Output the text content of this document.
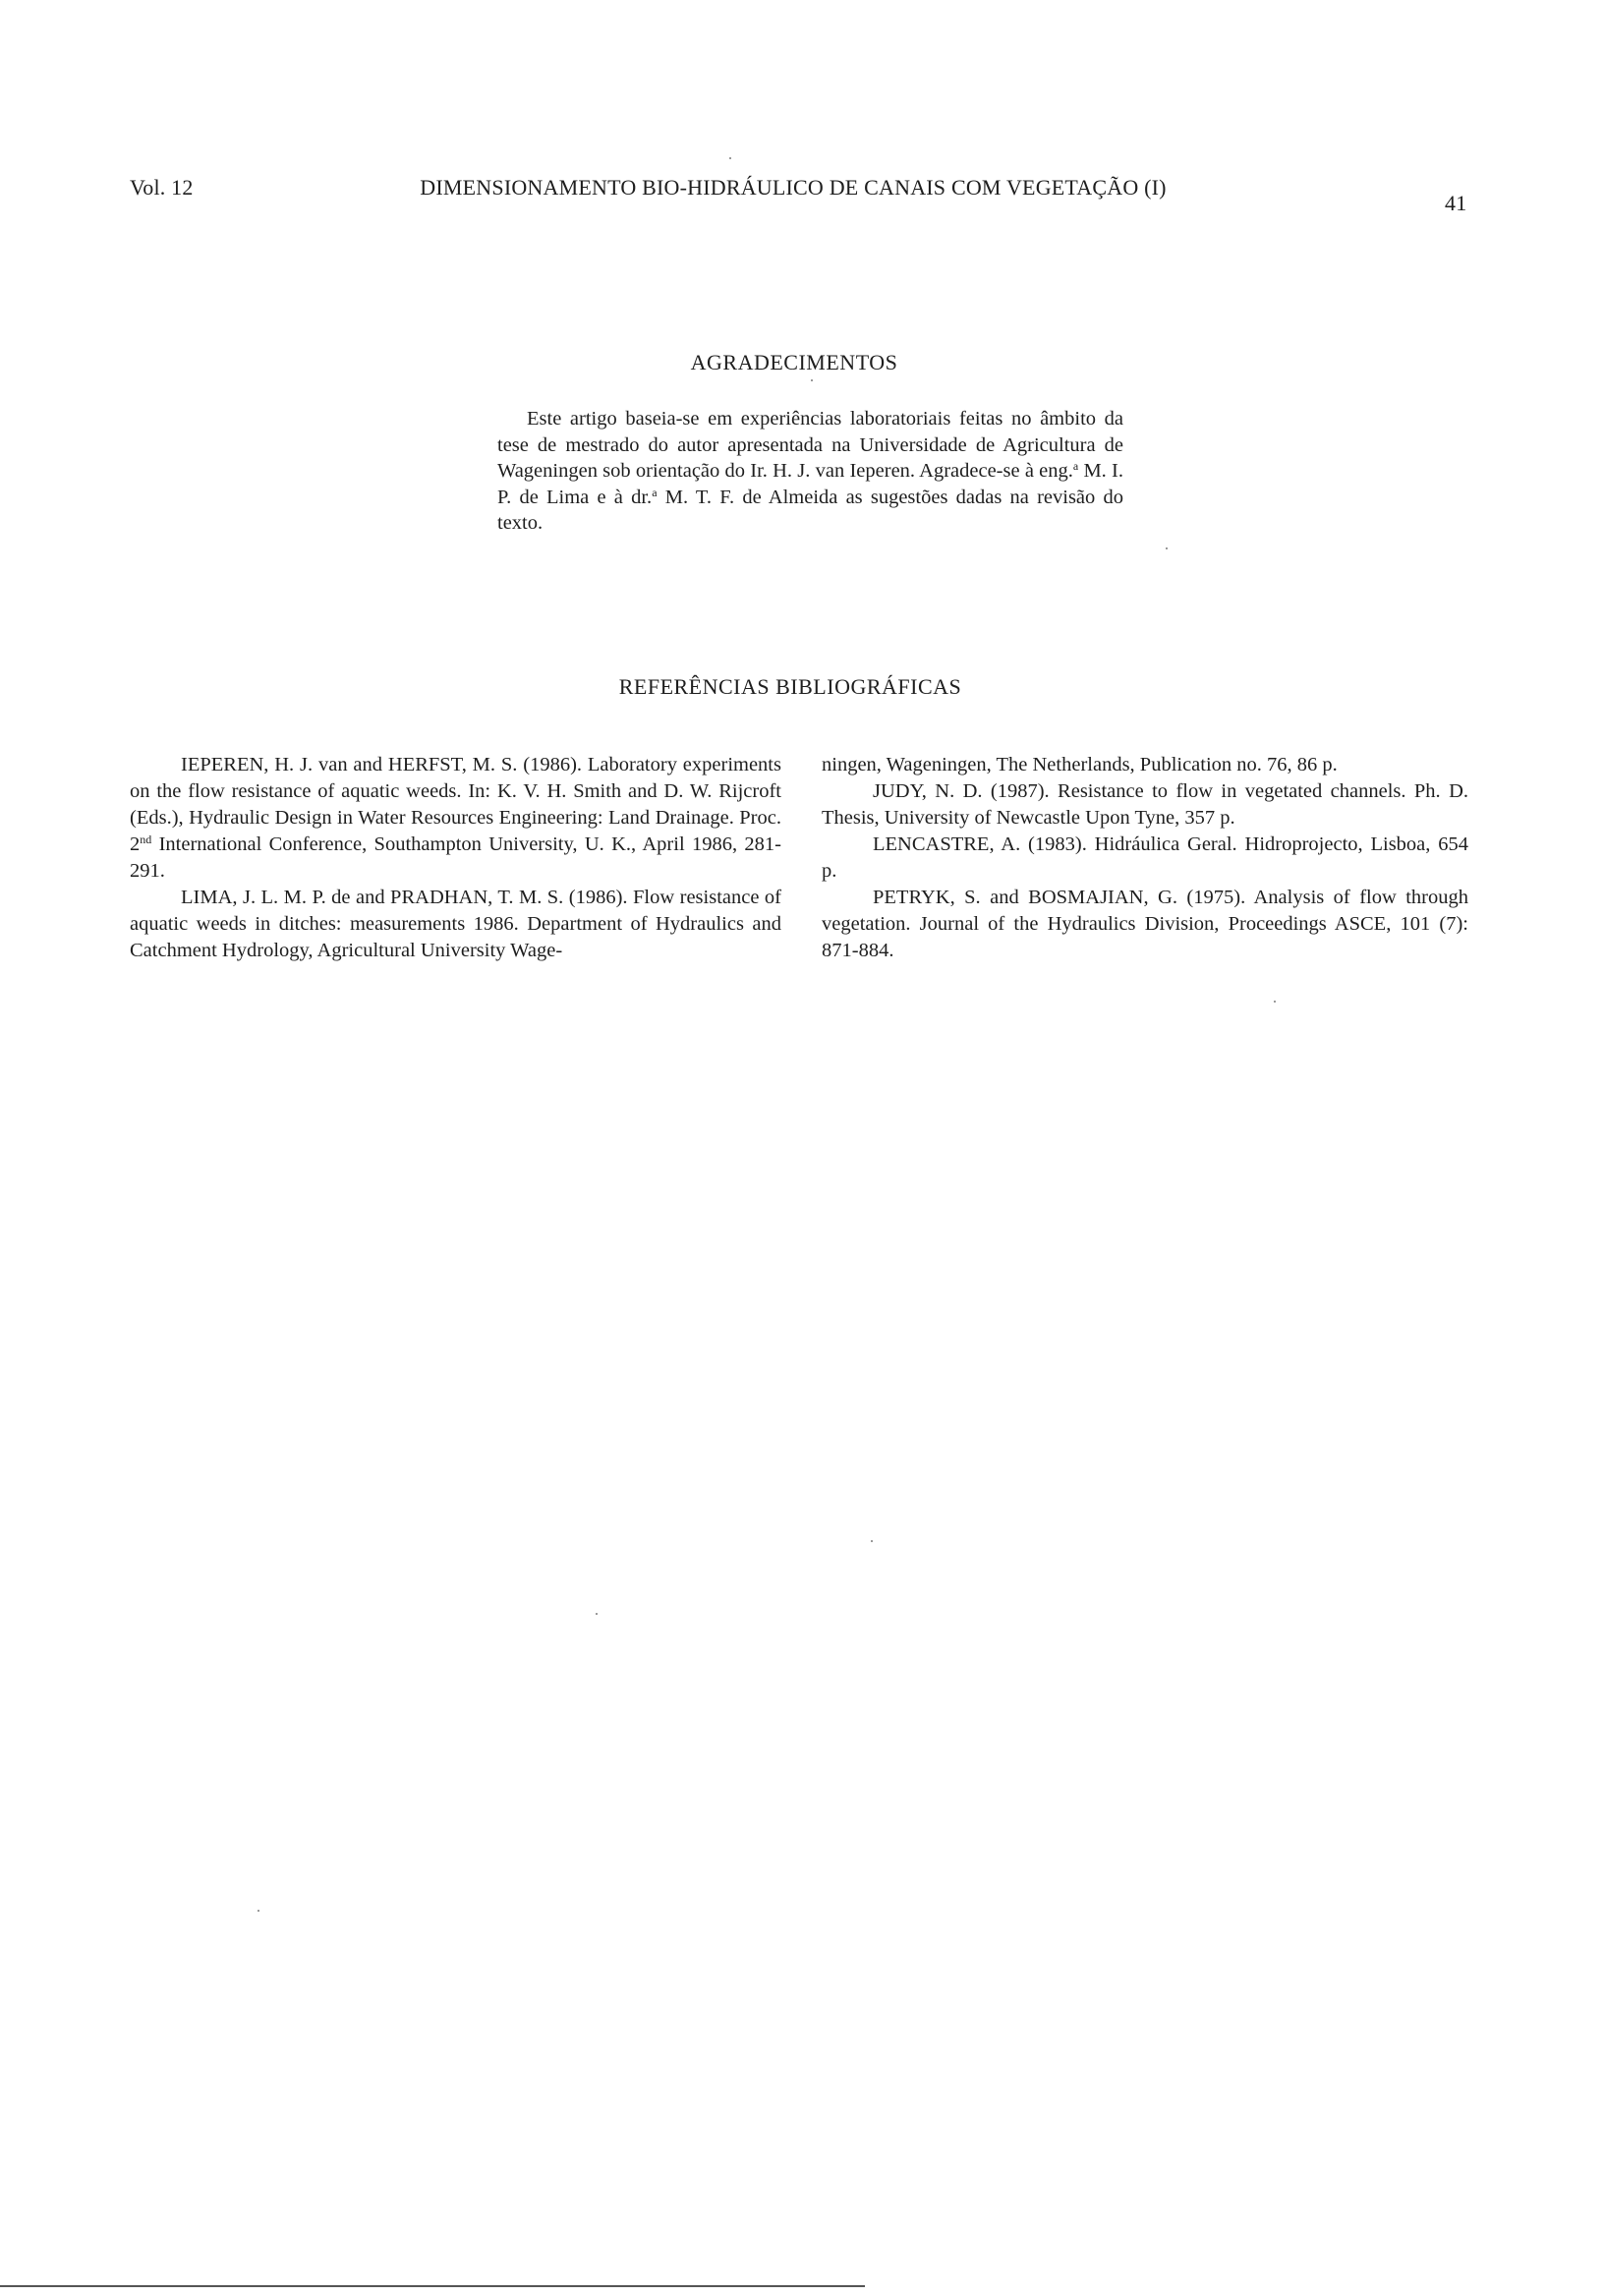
Vol. 12	DIMENSIONAMENTO BIO-HIDRÁULICO DE CANAIS COM VEGETAÇÃO (I)
41
AGRADECIMENTOS

Este artigo baseia-se em experiências laboratoriais feitas no âmbito da tese de mestrado do autor apresentada na Universidade de Agricultura de Wageningen sob orientação do Ir. H. J. van Ieperen. Agradece-se à eng.$^a$ M. I. P. de Lima e à dr.$^a$ M. T. F. de Almeida as sugestões dadas na revisão do texto.

REFERÊNCIAS BIBLIOGRÁFICAS

IEPEREN, H. J. van and HERFST, M. S. (1986). Laboratory experiments on the flow resistance of aquatic weeds. In: K. V. H. Smith and D. W. Rijcroft (Eds.), Hydraulic Design in Water Resources Engineering: Land Drainage. Proc. 2nd International Conference, Southampton University, U. K., April 1986, 281-291.

LIMA, J. L. M. P. de and PRADHAN, T. M. S. (1986). Flow resistance of aquatic weeds in ditches: measurements 1986. Department of Hydraulics and Catchment Hydrology, Agricultural University Wage-

ningen, Wageningen, The Netherlands, Publication no. 76, 86 p.

JUDY, N. D. (1987). Resistance to flow in vegetated channels. Ph. D. Thesis, University of Newcastle Upon Tyne, 357 p.

LENCASTRE, A. (1983). Hidráulica Geral. Hidroprojecto, Lisboa, 654 p.

PETRYK, S. and BOSMAJIAN, G. (1975). Analysis of flow through vegetation. Journal of the Hydraulics Division, Proceedings ASCE, 101 (7): 871-884.
